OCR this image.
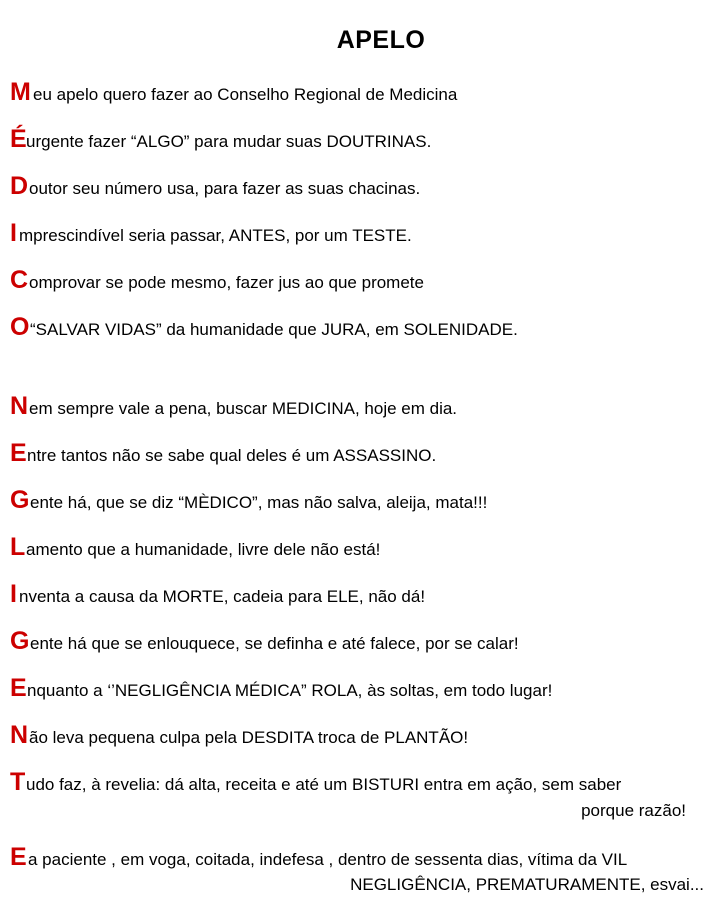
APELO
M eu apelo quero fazer ao Conselho Regional de Medicina
É urgente fazer “ALGO” para mudar suas DOUTRINAS.
D outor seu número usa, para fazer as suas chacinas.
I mprescindível seria passar, ANTES, por um TESTE.
C omprovar se pode mesmo, fazer jus ao que promete
O “SALVAR VIDAS” da humanidade que JURA, em SOLENIDADE.
N em sempre vale a pena, buscar MEDICINA, hoje em dia.
E ntre tantos não se sabe qual deles é um ASSASSINO.
G ente há, que se diz “MÈDICO”, mas não salva, aleija, mata!!!
L amento que a humanidade, livre dele não está!
I nventa a causa da MORTE, cadeia para ELE, não dá!
G ente há que se enlouquece, se definha e até falece, por se calar!
E nquanto a ‘’NEGLIGÊNCIA MÉDICA” ROLA, às soltas, em todo lugar!
N ão leva pequena culpa pela DESDITA troca de PLANTÃO!
T udo faz, à revelia: dá alta, receita e até um BISTURI entra em ação, sem saber
porque razão!
E a paciente , em voga, coitada, indefesa , dentro de sessenta dias, vítima da VIL
NEGLIGÊNCIA, PREMATURAMENTE, esvai...
